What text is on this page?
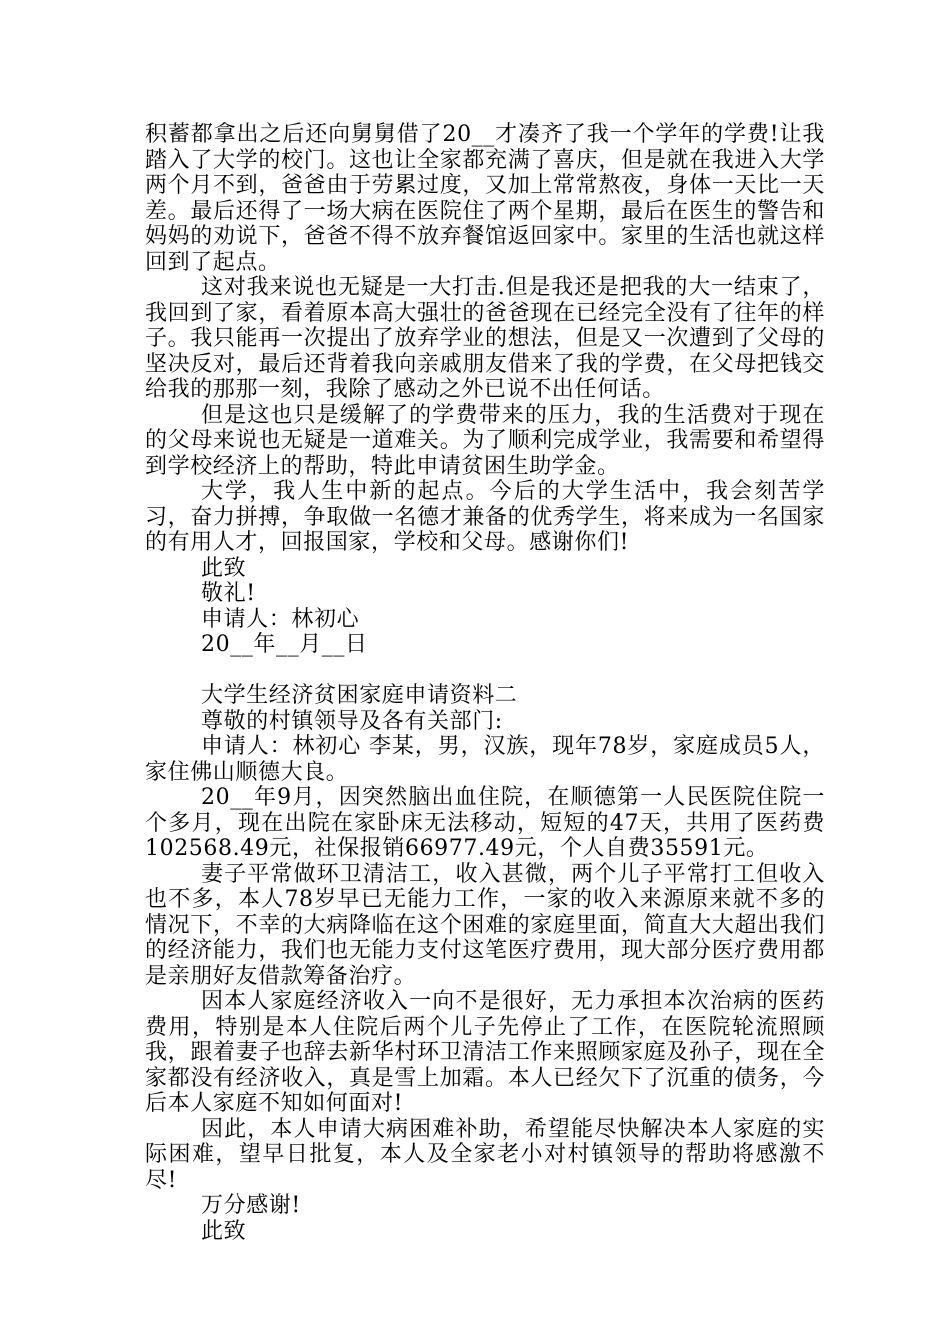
积蓄都拿出之后还向舅舅借了20__才凑齐了我一个学年的学费!让我踏入了大学的校门。这也让全家都充满了喜庆，但是就在我进入大学两个月不到，爸爸由于劳累过度，又加上常常熬夜，身体一天比一天差。最后还得了一场大病在医院住了两个星期，最后在医生的警告和妈妈的劝说下，爸爸不得不放弃餐馆返回家中。家里的生活也就这样回到了起点。

这对我来说也无疑是一大打击.但是我还是把我的大一结束了，我回到了家，看着原本高大强壮的爸爸现在已经完全没有了往年的样子。我只能再一次提出了放弃学业的想法，但是又一次遭到了父母的坚决反对，最后还背着我向亲戚朋友借来了我的学费，在父母把钱交给我的那那一刻，我除了感动之外已说不出任何话。

但是这也只是缓解了的学费带来的压力，我的生活费对于现在的父母来说也无疑是一道难关。为了顺利完成学业，我需要和希望得到学校经济上的帮助，特此申请贫困生助学金。

大学，我人生中新的起点。今后的大学生活中，我会刻苦学习，奋力拼搏，争取做一名德才兼备的优秀学生，将来成为一名国家的有用人才，回报国家，学校和父母。感谢你们!

此致

敬礼!

申请人：林初心

20__年__月__日

大学生经济贫困家庭申请资料二

尊敬的村镇领导及各有关部门:

申请人：林初心 李某，男，汉族，现年78岁，家庭成员5人，家住佛山顺德大良。

20__年9月，因突然脑出血住院，在顺德第一人民医院住院一个多月，现在出院在家卧床无法移动，短短的47天，共用了医药费102568.49元，社保报销66977.49元，个人自费35591元。

妻子平常做环卫清洁工，收入甚微，两个儿子平常打工但收入也不多，本人78岁早已无能力工作，一家的收入来源原来就不多的情况下，不幸的大病降临在这个困难的家庭里面，简直大大超出我们的经济能力，我们也无能力支付这笔医疗费用，现大部分医疗费用都是亲朋好友借款筹备治疗。

因本人家庭经济收入一向不是很好，无力承担本次治病的医药费用，特别是本人住院后两个儿子先停止了工作，在医院轮流照顾我，跟着妻子也辞去新华村环卫清洁工作来照顾家庭及孙子，现在全家都没有经济收入，真是雪上加霜。本人已经欠下了沉重的债务，今后本人家庭不知如何面对!

因此，本人申请大病困难补助，希望能尽快解决本人家庭的实际困难，望早日批复，本人及全家老小对村镇领导的帮助将感激不尽!

万分感谢!

此致
